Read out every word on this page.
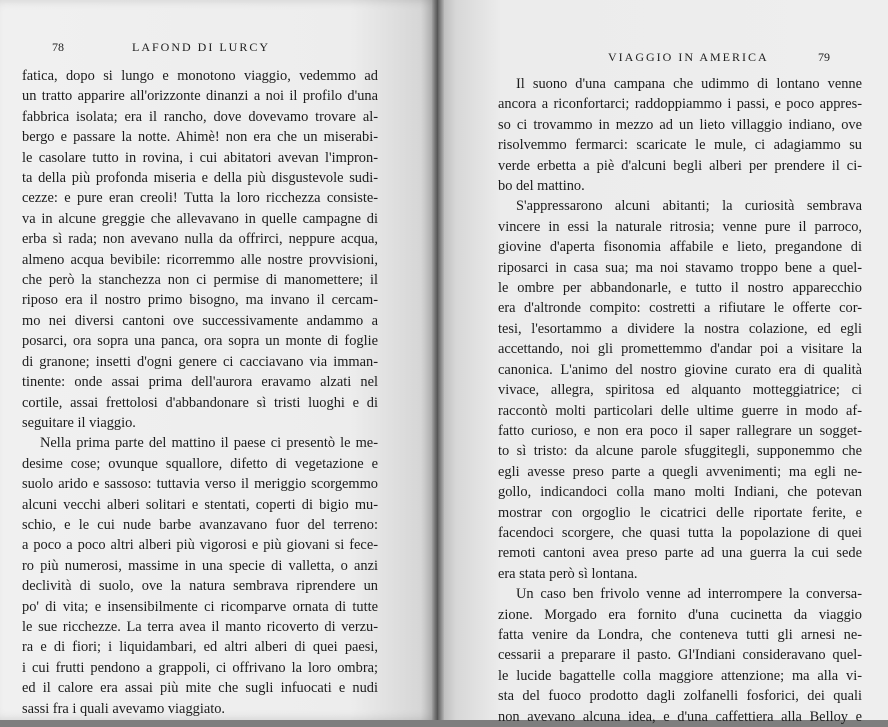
78	LAFOND DI LURCY
fatica, dopo si lungo e monotono viaggio, vedemmo ad
un tratto apparire all'orizzonte dinanzi a noi il profilo d'una
fabbrica isolata; era il rancho, dove dovevamo trovare al-
bergo e passare la notte. Ahimè! non era che un miserabi-
le casolare tutto in rovina, i cui abitatori avevan l'impron-
ta della più profonda miseria e della più disgustevole sudi-
cezze: e pure eran creoli! Tutta la loro ricchezza consiste-
va in alcune greggie che allevavano in quelle campagne di
erba sì rada; non avevano nulla da offrirci, neppure acqua,
almeno acqua bevibile: ricorremmo alle nostre provvisioni,
che però la stanchezza non ci permise di manomettere; il
riposo era il nostro primo bisogno, ma invano il cercam-
mo nei diversi cantoni ove successivamente andammo a
posarci, ora sopra una panca, ora sopra un monte di foglie
di granone; insetti d'ogni genere ci cacciavano via imman-
tinente: onde assai prima dell'aurora eravamo alzati nel
cortile, assai frettolosi d'abbandonare sì tristi luoghi e di
seguitare il viaggio.
Nella prima parte del mattino il paese ci presentò le me-
desime cose; ovunque squallore, difetto di vegetazione e
suolo arido e sassoso: tuttavia verso il meriggio scorgemmo
alcuni vecchi alberi solitari e stentati, coperti di bigio mu-
schio, e le cui nude barbe avanzavano fuor del terreno:
a poco a poco altri alberi più vigorosi e più giovani si fece-
ro più numerosi, massime in una specie di valletta, o anzi
declività di suolo, ove la natura sembrava riprendere un
po' di vita; e insensibilmente ci ricomparve ornata di tutte
le sue ricchezze. La terra avea il manto ricoverto di verzu-
ra e di fiori; i liquidambari, ed altri alberi di quei paesi,
i cui frutti pendono a grappoli, ci offrivano la loro ombra;
ed il calore era assai più mite che sugli infuocati e nudi
sassi fra i quali avevamo viaggiato.
VIAGGIO IN AMERICA	79
Il suono d'una campana che udimmo di lontano venne
ancora a riconfortarci; raddoppiammo i passi, e poco appres-
so ci trovammo in mezzo ad un lieto villaggio indiano, ove
risolvemmo fermarci: scaricate le mule, ci adagiammo su
verde erbetta a piè d'alcuni begli alberi per prendere il ci-
bo del mattino.
S'appressarono alcuni abitanti; la curiosità sembrava
vincere in essi la naturale ritrosia; venne pure il parroco,
giovine d'aperta fisonomia affabile e lieto, pregandone di
riposarci in casa sua; ma noi stavamo troppo bene a quel-
le ombre per abbandonarle, e tutto il nostro apparecchio
era d'altronde compito: costretti a rifiutare le offerte cor-
tesi, l'esortammo a dividere la nostra colazione, ed egli
accettando, noi gli promettemmo d'andar poi a visitare la
canonica. L'animo del nostro giovine curato era di qualità
vivace, allegra, spiritosa ed alquanto motteggiatrice; ci
raccontò molti particolari delle ultime guerre in modo af-
fatto curioso, e non era poco il saper rallegrare un sogget-
to sì tristo: da alcune parole sfuggitegli, supponemmo che
egli avesse preso parte a quegli avvenimenti; ma egli ne-
gollo, indicandoci colla mano molti Indiani, che potevan
mostrar con orgoglio le cicatrici delle riportate ferite, e
facendoci scorgere, che quasi tutta la popolazione di quei
remoti cantoni avea preso parte ad una guerra la cui sede
era stata però sì lontana.
Un caso ben frivolo venne ad interrompere la conversa-
zione. Morgado era fornito d'una cucinetta da viaggio
fatta venire da Londra, che conteneva tutti gli arnesi ne-
cessarii a preparare il pasto. Gl'Indiani consideravano quel-
le lucide bagattelle colla maggiore attenzione; ma alla vi-
sta del fuoco prodotto dagli zolfanelli fosforici, dei quali
non avevano alcuna idea, e d'una caffettiera alla Belloy e
